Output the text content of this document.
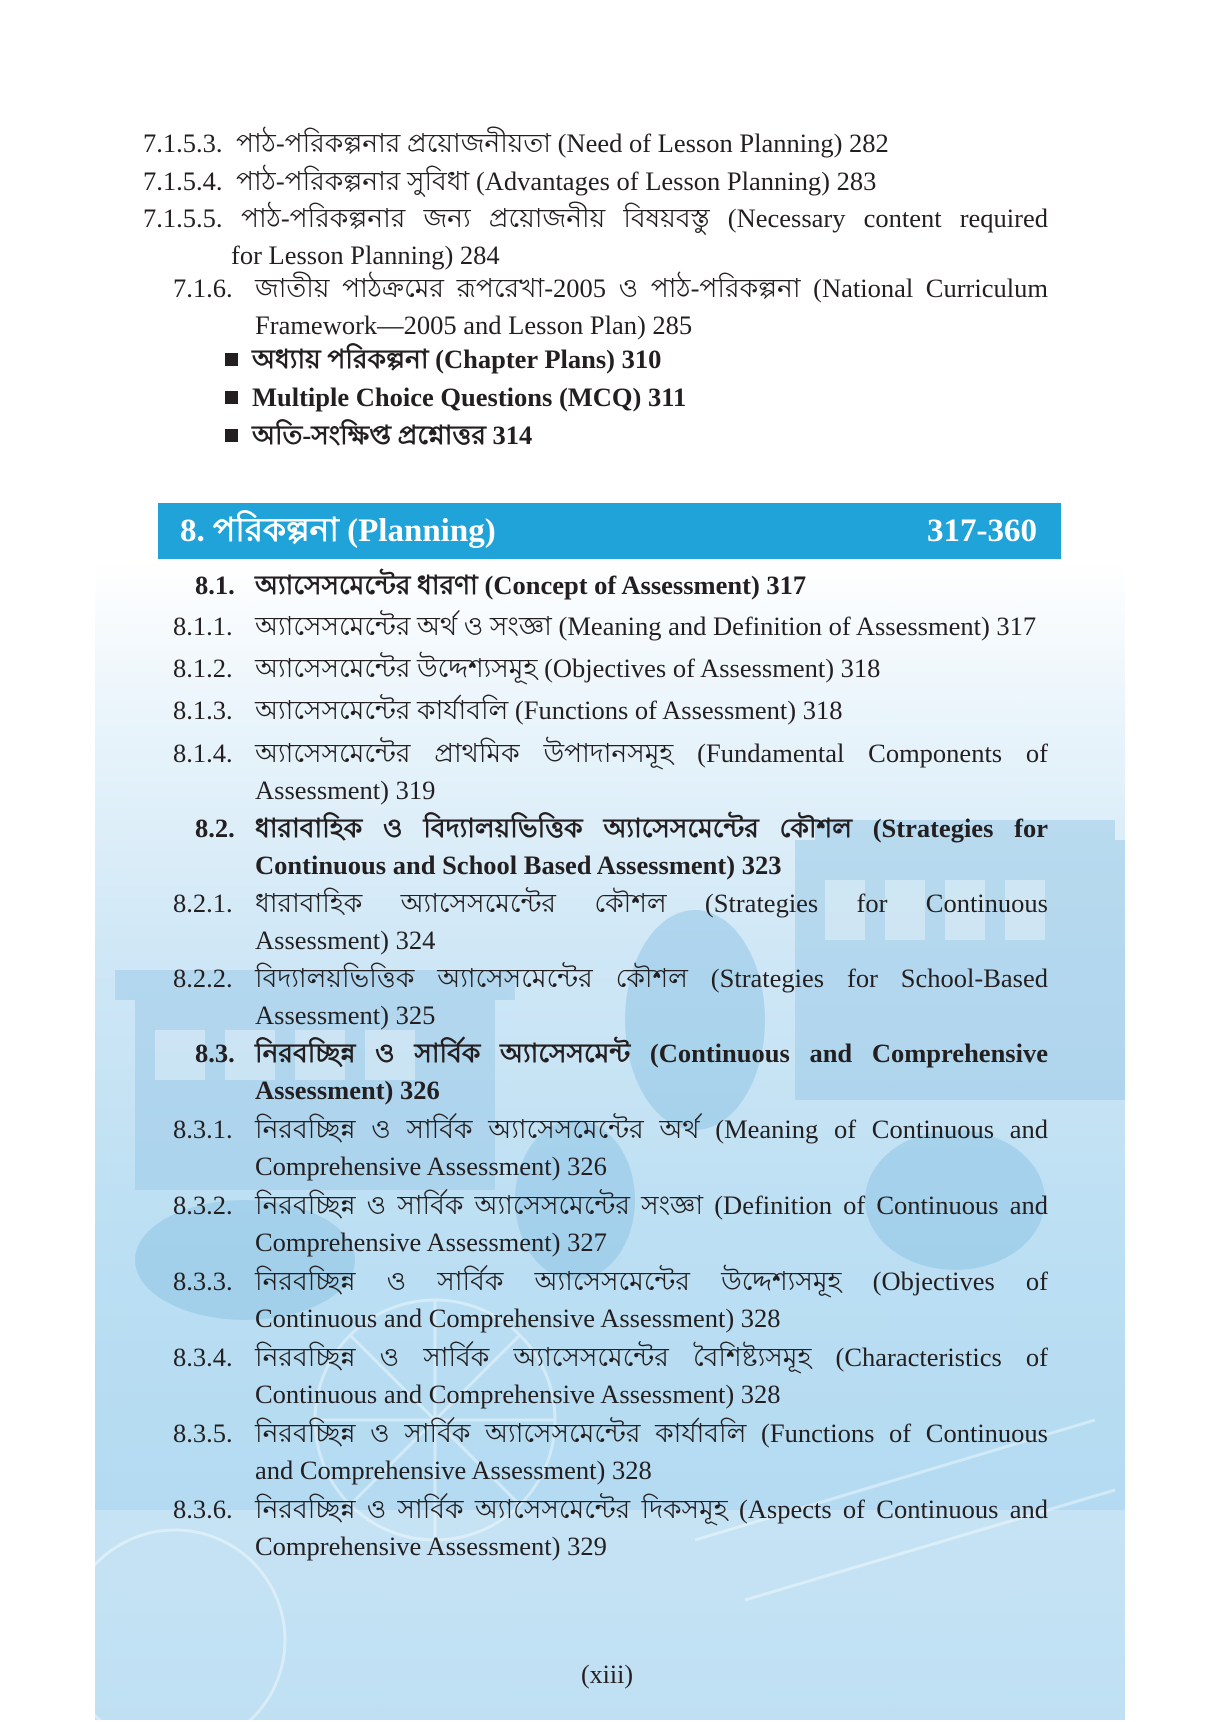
7.1.5.3. পাঠ-পরিকল্পনার প্রয়োজনীয়তা (Need of Lesson Planning) 282
7.1.5.4. পাঠ-পরিকল্পনার সুবিধা (Advantages of Lesson Planning) 283
7.1.5.5. পাঠ-পরিকল্পনার জন্য প্রয়োজনীয় বিষয়বস্তু (Necessary content required
for Lesson Planning) 284
7.1.6. জাতীয় পাঠক্রমের রূপরেখা-2005 ও পাঠ-পরিকল্পনা (National Curriculum
Framework—2005 and Lesson Plan) 285
অধ্যায় পরিকল্পনা (Chapter Plans) 310
Multiple Choice Questions (MCQ) 311
অতি-সংক্ষিপ্ত প্রশ্নোত্তর 314
8. পরিকল্পনা (Planning)	317-360
8.1. অ্যাসেসমেন্টের ধারণা (Concept of Assessment) 317
8.1.1. অ্যাসেসমেন্টের অর্থ ও সংজ্ঞা (Meaning and Definition of Assessment) 317
8.1.2. অ্যাসেসমেন্টের উদ্দেশ্যসমূহ (Objectives of Assessment) 318
8.1.3. অ্যাসেসমেন্টের কার্যাবলি (Functions of Assessment) 318
8.1.4. অ্যাসেসমেন্টের প্রাথমিক উপাদানসমূহ (Fundamental Components of
Assessment) 319
8.2. ধারাবাহিক ও বিদ্যালয়ভিত্তিক অ্যাসেসমেন্টের কৌশল (Strategies for
Continuous and School Based Assessment) 323
8.2.1. ধারাবাহিক অ্যাসেসমেন্টের কৌশল (Strategies for Continuous
Assessment) 324
8.2.2. বিদ্যালয়ভিত্তিক অ্যাসেসমেন্টের কৌশল (Strategies for School-Based
Assessment) 325
8.3. নিরবচ্ছিন্ন ও সার্বিক অ্যাসেসমেন্ট (Continuous and Comprehensive
Assessment) 326
8.3.1. নিরবচ্ছিন্ন ও সার্বিক অ্যাসেসমেন্টের অর্থ (Meaning of Continuous and
Comprehensive Assessment) 326
8.3.2. নিরবচ্ছিন্ন ও সার্বিক অ্যাসেসমেন্টের সংজ্ঞা (Definition of Continuous and
Comprehensive Assessment) 327
8.3.3. নিরবচ্ছিন্ন ও সার্বিক অ্যাসেসমেন্টের উদ্দেশ্যসমূহ (Objectives of
Continuous and Comprehensive Assessment) 328
8.3.4. নিরবচ্ছিন্ন ও সার্বিক অ্যাসেসমেন্টের বৈশিষ্ট্যসমূহ (Characteristics of
Continuous and Comprehensive Assessment) 328
8.3.5. নিরবচ্ছিন্ন ও সার্বিক অ্যাসেসমেন্টের কার্যাবলি (Functions of Continuous
and Comprehensive Assessment) 328
8.3.6. নিরবচ্ছিন্ন ও সার্বিক অ্যাসেসমেন্টের দিকসমূহ (Aspects of Continuous and
Comprehensive Assessment) 329
(xiii)
